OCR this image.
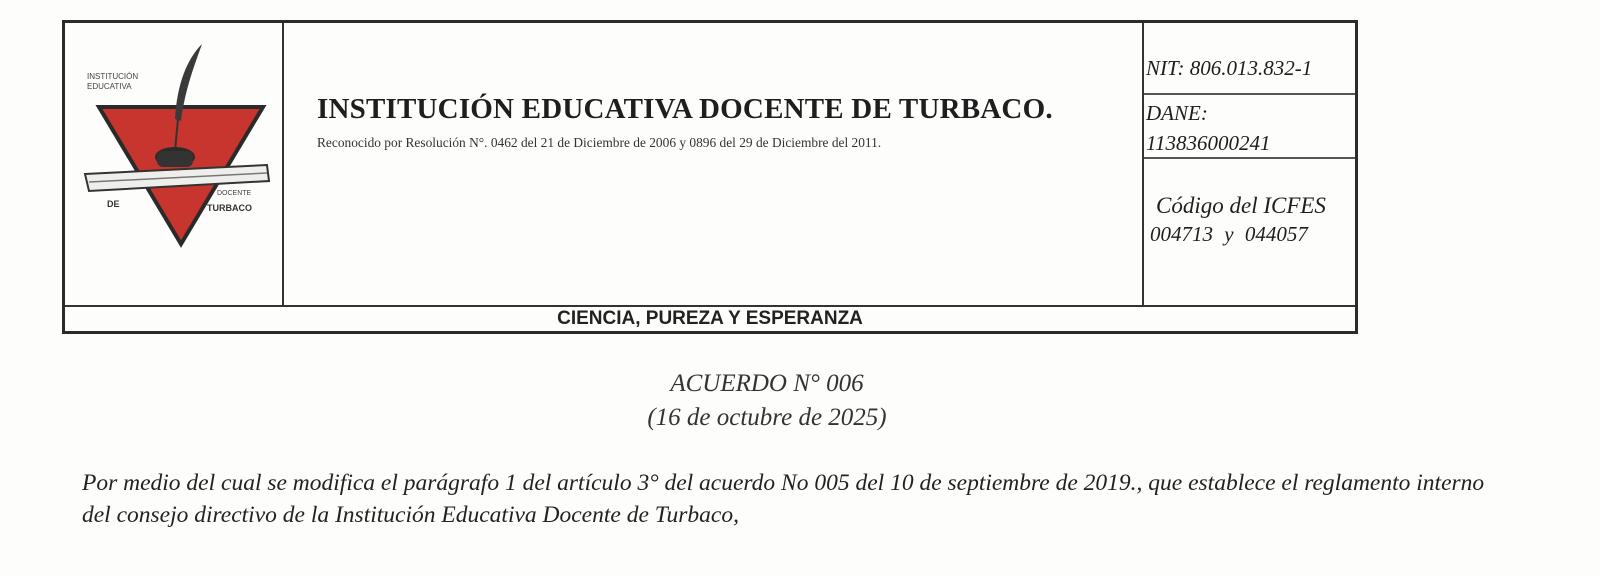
INSTITUCIÓN
EDUCATIVA
DE
DOCENTE
TURBACO
INSTITUCIÓN EDUCATIVA DOCENTE DE TURBACO.
Reconocido por Resolución N°. 0462 del 21 de Diciembre de 2006 y 0896 del 29 de Diciembre del 2011.
NIT: 806.013.832-1
DANE:
113836000241
Código del ICFES
004713 y 044057
CIENCIA, PUREZA Y ESPERANZA
ACUERDO N° 006
(16 de octubre de 2025)
Por medio del cual se modifica el parágrafo 1 del artículo 3° del acuerdo No 005 del 10 de septiembre de 2019., que establece el reglamento interno del consejo directivo de la Institución Educativa Docente de Turbaco,
